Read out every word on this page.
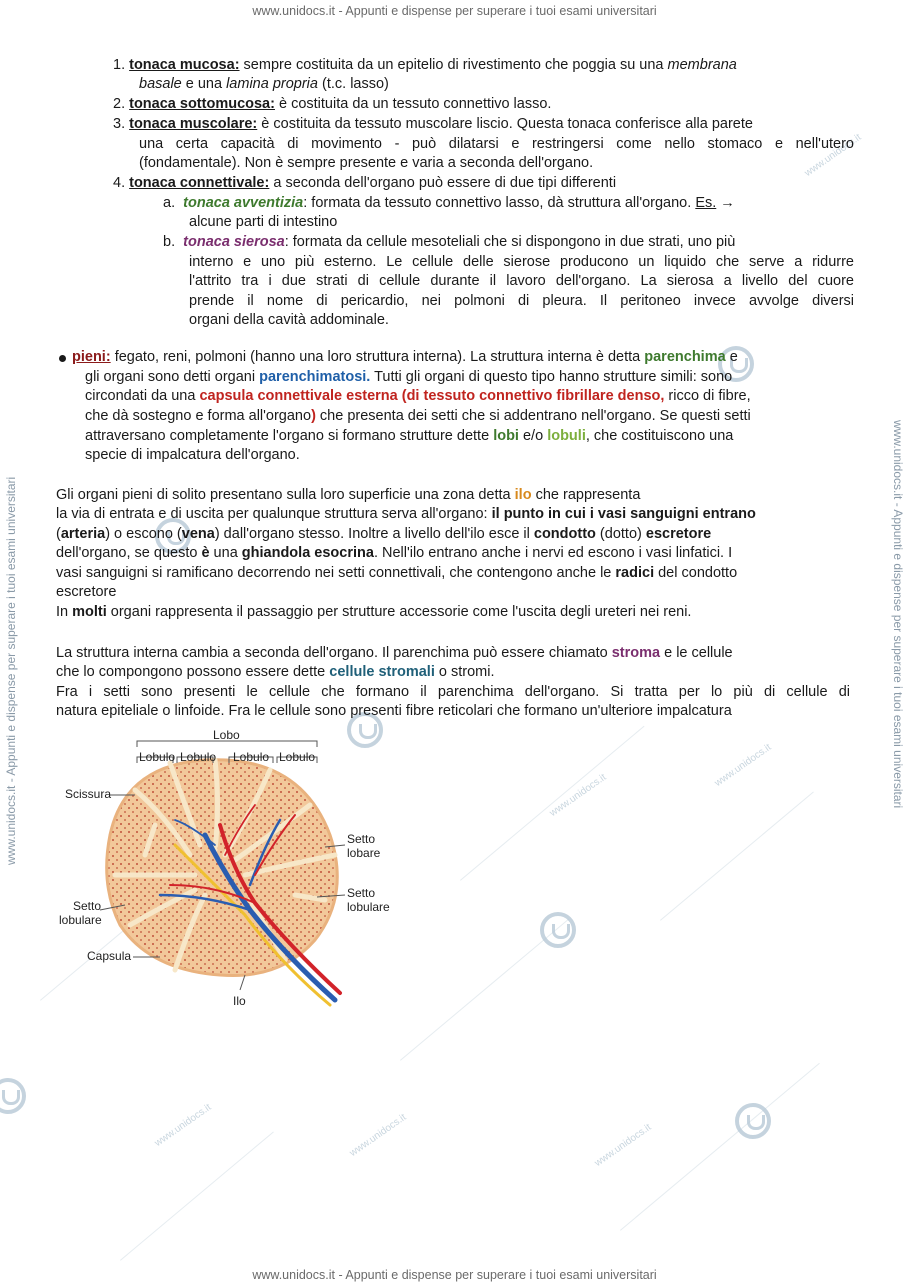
www.unidocs.it
www.unidocs.it
www.unidocs.it
www.unidocs.it	www.unidocs.it
www.unidocs.it
www.unidocs.it - Appunti e dispense per superare i tuoi esami universitari
www.unidocs.it - Appunti e dispense per superare i tuoi esami universitari
www.unidocs.it - Appunti e dispense per superare i tuoi esami universitari	www.unidocs.it - Appunti e dispense per superare i tuoi esami universitari
1. tonaca mucosa: sempre costituita da un epitelio di rivestimento che poggia su una membrana
basale e una lamina propria (t.c. lasso)
2. tonaca sottomucosa: è costituita da un tessuto connettivo lasso.
3. tonaca muscolare: è costituita da tessuto muscolare liscio. Questa tonaca conferisce alla parete
una certa capacità di movimento - può dilatarsi e restringersi come nello stomaco e nell'utero
(fondamentale). Non è sempre presente e varia a seconda dell'organo.
4. tonaca connettivale: a seconda dell'organo può essere di due tipi differenti
a. tonaca avventizia: formata da tessuto connettivo lasso, dà struttura all'organo. Es. →
alcune parti di intestino
b. tonaca sierosa: formata da cellule mesoteliali che si dispongono in due strati, uno più
interno e uno più esterno. Le cellule delle sierose producono un liquido che serve a ridurre
l'attrito tra i due strati di cellule durante il lavoro dell'organo. La sierosa a livello del cuore
prende il nome di pericardio, nei polmoni di pleura. Il peritoneo invece avvolge diversi
organi della cavità addominale.
pieni: fegato, reni, polmoni (hanno una loro struttura interna). La struttura interna è detta parenchima e
gli organi sono detti organi parenchimatosi. Tutti gli organi di questo tipo hanno strutture simili: sono
circondati da una capsula connettivale esterna (di tessuto connettivo fibrillare denso, ricco di fibre,
che dà sostegno e forma all'organo) che presenta dei setti che si addentrano nell'organo. Se questi setti
attraversano completamente l'organo si formano strutture dette lobi e/o lobuli, che costituiscono una
specie di impalcatura dell'organo.
Gli organi pieni di solito presentano sulla loro superficie una zona detta ilo che rappresenta
la via di entrata e di uscita per qualunque struttura serva all'organo: il punto in cui i vasi sanguigni entrano
(arteria) o escono (vena) dall'organo stesso. Inoltre a livello dell'ilo esce il condotto (dotto) escretore
dell'organo, se questo è una ghiandola esocrina. Nell'ilo entrano anche i nervi ed escono i vasi linfatici. I
vasi sanguigni si ramificano decorrendo nei setti connettivali, che contengono anche le radici del condotto
escretore
In molti organi rappresenta il passaggio per strutture accessorie come l'uscita degli ureteri nei reni.
La struttura interna cambia a seconda dell'organo. Il parenchima può essere chiamato stroma e le cellule
che lo compongono possono essere dette cellule stromali o stromi.
Fra i setti sono presenti le cellule che formano il parenchima dell'organo. Si tratta per lo più di cellule di
natura epiteliale o linfoide. Fra le cellule sono presenti fibre reticolari che formano un'ulteriore impalcatura
Lobo
Lobulo Lobulo Lobulo Lobulo
Scissura
Setto
lobare
Setto
lobulare
Setto
lobulare
Capsula
Ilo
